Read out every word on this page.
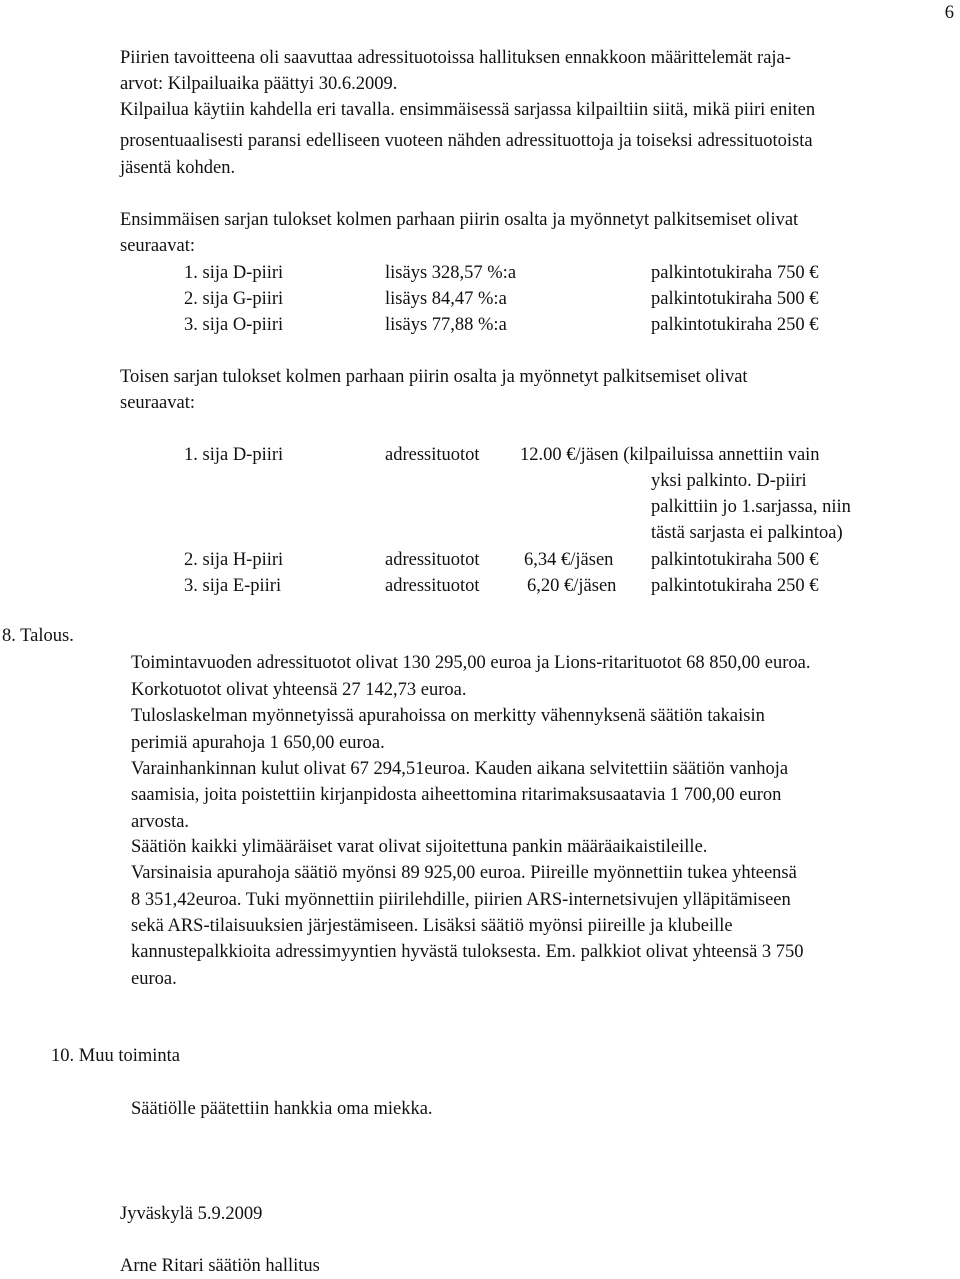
6
Piirien tavoitteena oli saavuttaa adressituotoissa hallituksen ennakkoon määrittelemät raja-
arvot: Kilpailuaika päättyi 30.6.2009.
Kilpailua käytiin kahdella eri tavalla. ensimmäisessä sarjassa kilpailtiin siitä, mikä piiri eniten
prosentuaalisesti paransi edelliseen vuoteen nähden adressituottoja ja toiseksi adressituotoista
jäsentä kohden.
Ensimmäisen sarjan tulokset kolmen parhaan piirin osalta ja myönnetyt palkitsemiset olivat
seuraavat:
1. sija D-piiri	lisäys 328,57 %:a	palkintotukiraha 750 €
2. sija G-piiri	lisäys 84,47 %:a	palkintotukiraha 500 €
3. sija O-piiri	lisäys 77,88 %:a	palkintotukiraha 250 €
Toisen sarjan tulokset kolmen parhaan piirin osalta ja myönnetyt palkitsemiset olivat
seuraavat:
1. sija D-piiri	adressituotot 12.00 €/jäsen (kilpailuissa annettiin vain
yksi palkinto. D-piiri
palkittiin jo 1.sarjassa, niin
tästä sarjasta ei palkintoa)
2. sija H-piiri	adressituotot 6,34 €/jäsen palkintotukiraha 500 €
3. sija E-piiri	adressituotot	6,20 €/jäsen palkintotukiraha 250 €
8. Talous.
Toimintavuoden adressituotot olivat 130 295,00 euroa ja Lions-ritarituotot 68 850,00 euroa.
Korkotuotot olivat yhteensä 27 142,73 euroa.
Tuloslaskelman myönnetyissä apurahoissa on merkitty vähennyksenä säätiön takaisin
perimiä apurahoja 1 650,00 euroa.
Varainhankinnan kulut olivat 67 294,51euroa. Kauden aikana selvitettiin säätiön vanhoja
saamisia, joita poistettiin kirjanpidosta aiheettomina ritarimaksusaatavia 1 700,00 euron
arvosta.
Säätiön kaikki ylimääräiset varat olivat sijoitettuna pankin määräaikaistileille.
Varsinaisia apurahoja säätiö myönsi 89 925,00 euroa. Piireille myönnettiin tukea yhteensä
8 351,42euroa. Tuki myönnettiin piirilehdille, piirien ARS-internetsivujen ylläpitämiseen
sekä ARS-tilaisuuksien järjestämiseen. Lisäksi säätiö myönsi piireille ja klubeille
kannustepalkkioita adressimyyntien hyvästä tuloksesta. Em. palkkiot olivat yhteensä 3 750
euroa.
10. Muu toiminta
Säätiölle päätettiin hankkia oma miekka.
Jyväskylä 5.9.2009
Arne Ritari säätiön hallitus
